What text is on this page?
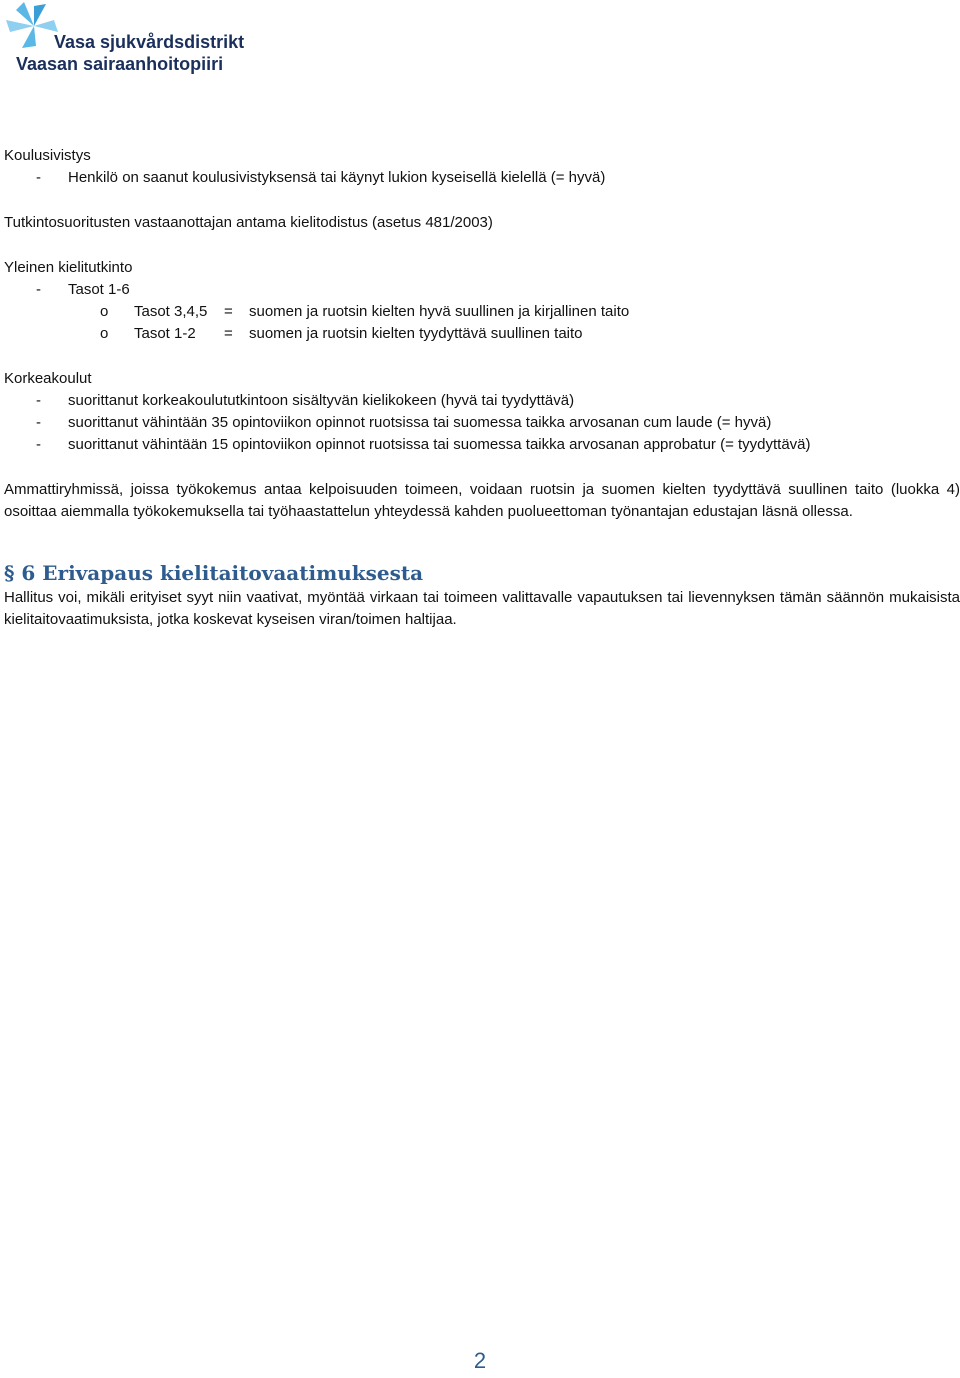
Vasa sjukvårdsdistrikt
Vaasan sairaanhoitopiiri
Koulusivistys
- Henkilö on saanut koulusivistyksensä tai käynyt lukion kyseisellä kielellä (= hyvä)
Tutkintosuoritusten vastaanottajan antama kielitodistus (asetus 481/2003)
Yleinen kielitutkinto
- Tasot 1-6
o Tasot 3,4,5 = suomen ja ruotsin kielten hyvä suullinen ja kirjallinen taito
o Tasot 1-2 = suomen ja ruotsin kielten tyydyttävä suullinen taito
Korkeakoulut
- suorittanut korkeakoulututkintoon sisältyvän kielikokeen (hyvä tai tyydyttävä)
- suorittanut vähintään 35 opintoviikon opinnot ruotsissa tai suomessa taikka arvosanan cum laude (= hyvä)
- suorittanut vähintään 15 opintoviikon opinnot ruotsissa tai suomessa taikka arvosanan approbatur (= tyydyttävä)

Ammattiryhmissä, joissa työkokemus antaa kelpoisuuden toimeen, voidaan ruotsin ja suomen kielten tyydyttävä suullinen taito (luokka 4) osoittaa aiemmalla työkokemuksella tai työhaastattelun yhteydessä kahden puolueettoman työnantajan edustajan läsnä ollessa.

§ 6 Erivapaus kielitaitovaatimuksesta

Hallitus voi, mikäli erityiset syyt niin vaativat, myöntää virkaan tai toimeen valittavalle vapautuksen tai lievennyksen tämän säännön mukaisista kielitaitovaatimuksista, jotka koskevat kyseisen viran/toimen haltijaa.

2
